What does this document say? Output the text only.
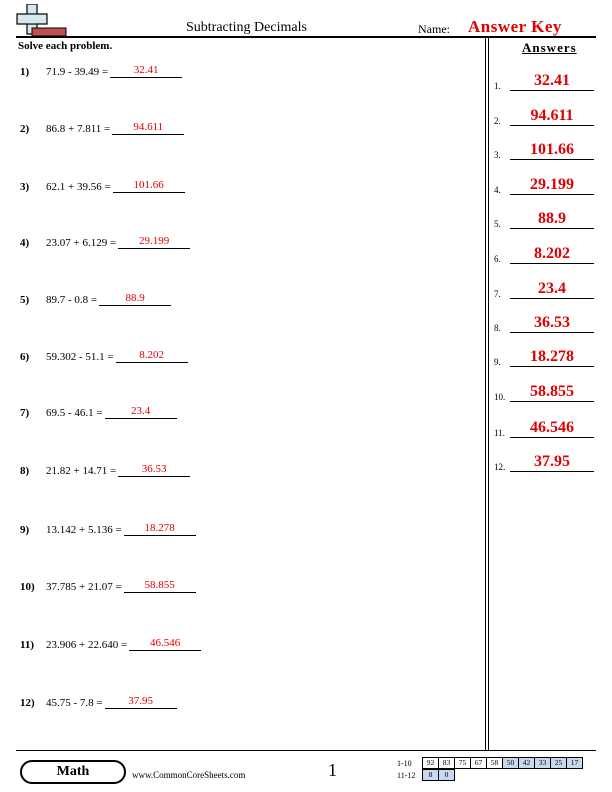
Subtracting Decimals	Name: Answer Key
Solve each problem.
1)	71.9 - 39.49 =	32.41
2)	86.8 + 7.811 =	94.611
3)	62.1 + 39.56 =	101.66
4)	23.07 + 6.129 =	29.199
5)	89.7 - 0.8 =	88.9
6)	59.302 - 51.1 =	8.202
7)	69.5 - 46.1 =	23.4
8)	21.82 + 14.71 =	36.53
9)	13.142 + 5.136 =	18.278
10)	37.785 + 21.07 =	58.855
11)	23.906 + 22.640 =	46.546
12)	45.75 - 7.8 =	37.95
Answers
1.	32.41
2.	94.611
3.	101.66
4.	29.199
5.	88.9
6.	8.202
7.	23.4
8.	36.53
9.	18.278
10.	58.855
11.	46.546
12.	37.95
Math	www.CommonCoreSheets.com	1	1-10	92	83	75	67	58	50	42	33	25	17
11-12	8	0
